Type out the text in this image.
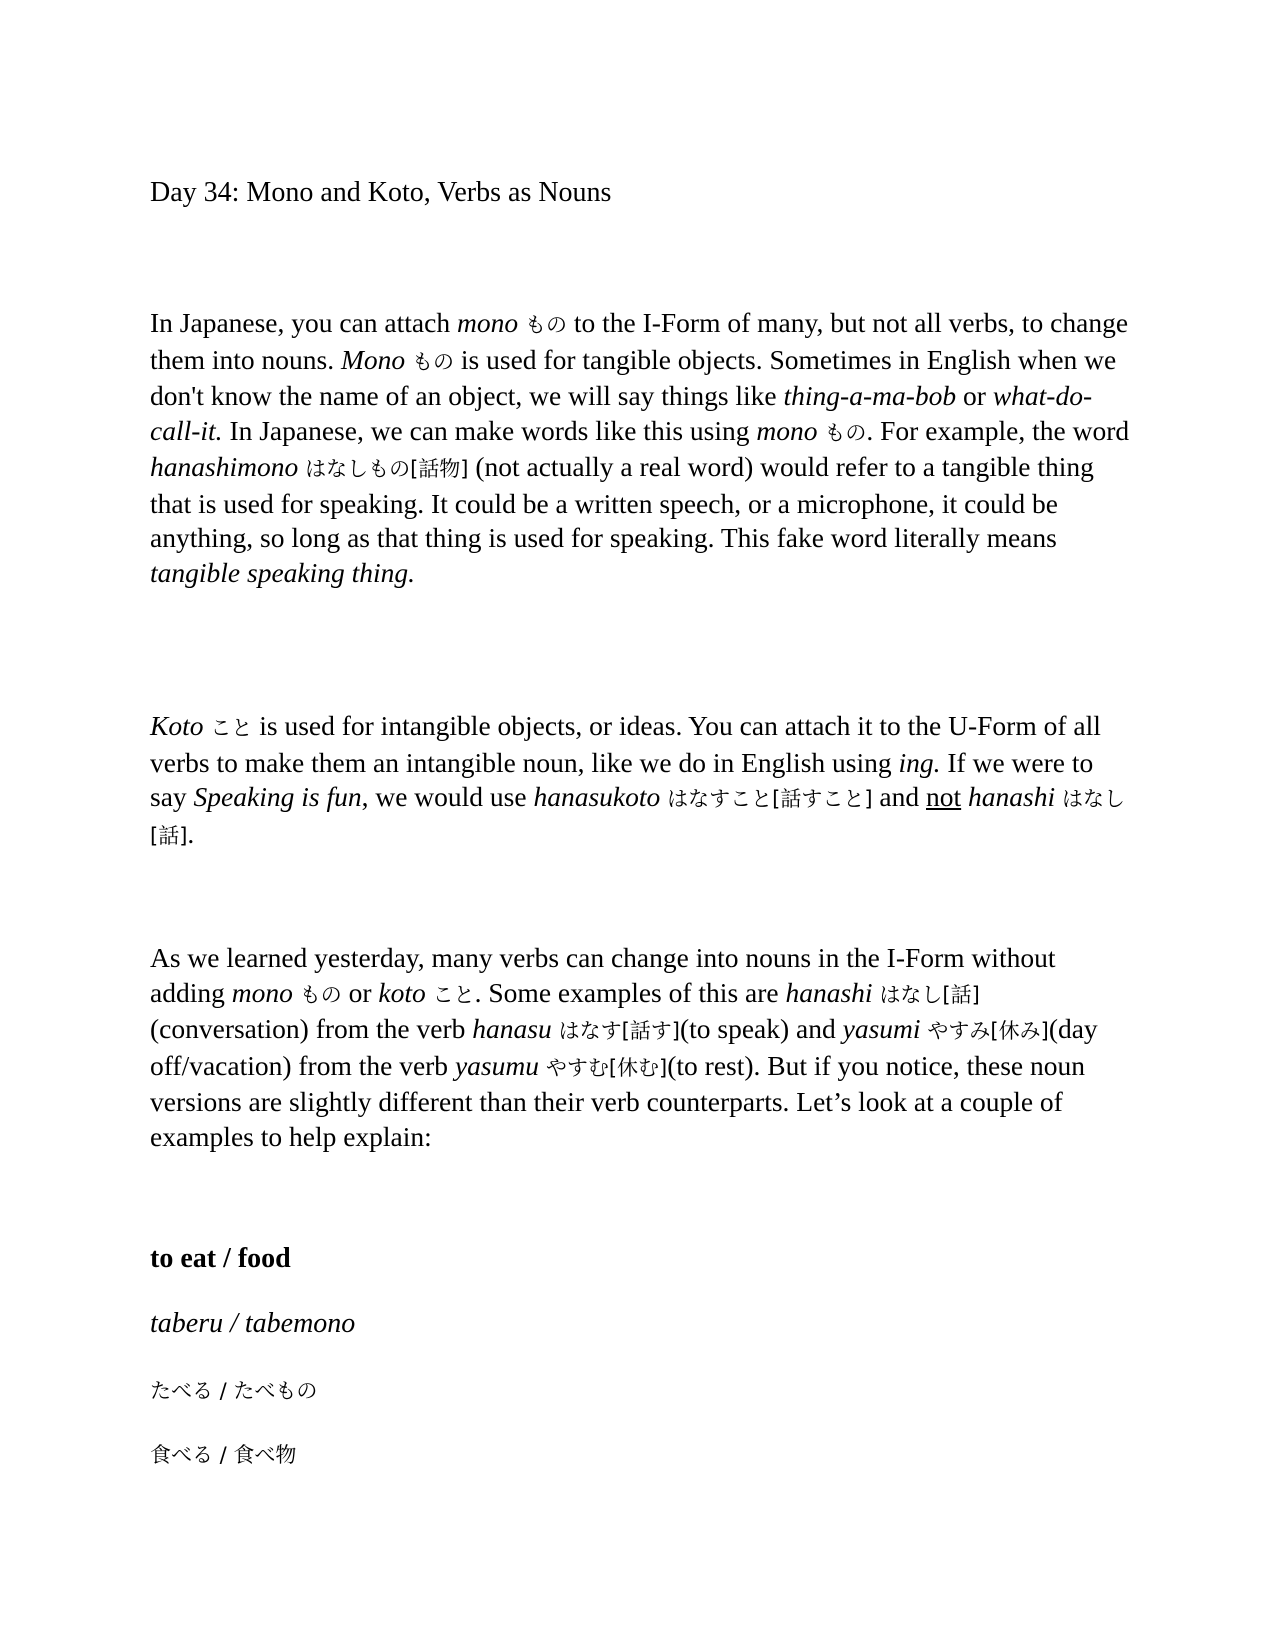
Day 34: Mono and Koto, Verbs as Nouns
In Japanese, you can attach mono もの to the I-Form of many, but not all verbs, to change them into nouns. Mono もの is used for tangible objects. Sometimes in English when we don't know the name of an object, we will say things like thing-a-ma-bob or what-do-call-it. In Japanese, we can make words like this using mono もの. For example, the word hanashimono はなしもの[話物] (not actually a real word) would refer to a tangible thing that is used for speaking. It could be a written speech, or a microphone, it could be anything, so long as that thing is used for speaking. This fake word literally means tangible speaking thing.
Koto こと is used for intangible objects, or ideas. You can attach it to the U-Form of all verbs to make them an intangible noun, like we do in English using ing. If we were to say Speaking is fun, we would use hanasukoto はなすこと[話すこと] and not hanashi はなし[話].
As we learned yesterday, many verbs can change into nouns in the I-Form without adding mono もの or koto こと. Some examples of this are hanashi はなし[話](conversation) from the verb hanasu はなす[話す](to speak) and yasumi やすみ[休み](day off/vacation) from the verb yasumu やすむ[休む](to rest). But if you notice, these noun versions are slightly different than their verb counterparts. Let’s look at a couple of examples to help explain:
to eat / food
taberu / tabemono
たべる / たべもの
食べる / 食べ物
